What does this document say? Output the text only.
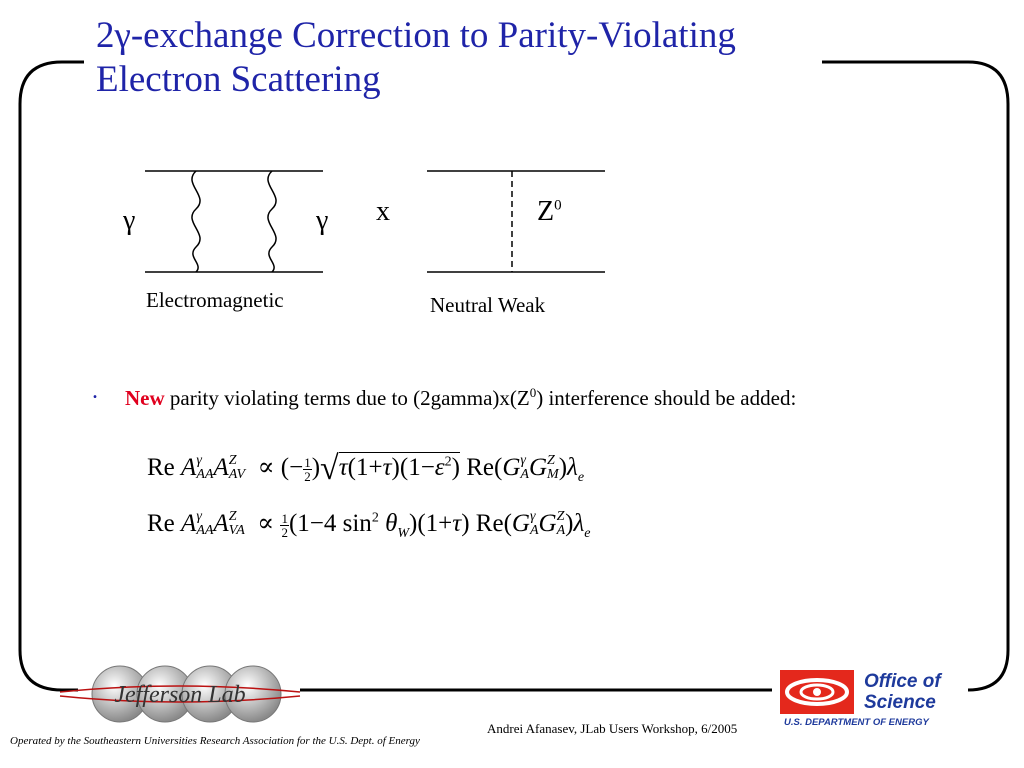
2γ-exchange Correction to Parity-Violating
Electron Scattering
γ	γ x	$Z^0$
Electromagnetic	Neutral Weak
. New parity violating terms due to $(2gamma)x(Z^0)$ interference should be added:
Re A γ
AA A Z
AV ∝ (− $\frac{1}{2} )√\tau(1+\tau)(1-\varepsilon^2)$ Re(G γ
A G Z
M )$\lambda_e$
Re A γ
AA A Z
VA ∝ $\frac{1}{2} (1-4$ $\sin^2 \theta_W)(1+\tau)$ Re(G γ
A G Z
A )$\lambda_e$
Jefferson Lab
Office of
Science
U.S. DEPARTMENT OF ENERGY
Andrei Afanasev, JLab Users Workshop, 6/2005
Operated by the Southeastern Universities Research Association for the U.S. Dept. of Energy
